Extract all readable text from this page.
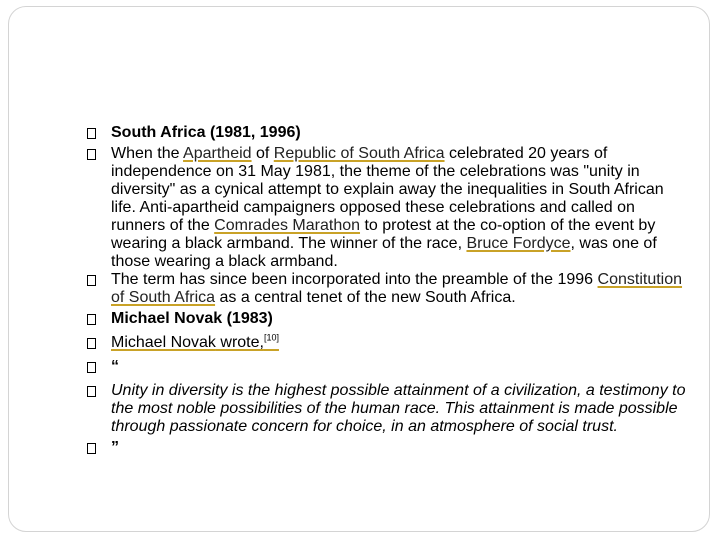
South Africa (1981, 1996)
When the Apartheid of Republic of South Africa celebrated 20 years of independence on 31 May 1981, the theme of the celebrations was "unity in diversity" as a cynical attempt to explain away the inequalities in South African life. Anti-apartheid campaigners opposed these celebrations and called on runners of the Comrades Marathon to protest at the co-option of the event by wearing a black armband. The winner of the race, Bruce Fordyce, was one of those wearing a black armband.
The term has since been incorporated into the preamble of the 1996 Constitution of South Africa as a central tenet of the new South Africa.
Michael Novak (1983)
Michael Novak wrote,[10]
“
Unity in diversity is the highest possible attainment of a civilization, a testimony to the most noble possibilities of the human race. This attainment is made possible through passionate concern for choice, in an atmosphere of social trust.
”
